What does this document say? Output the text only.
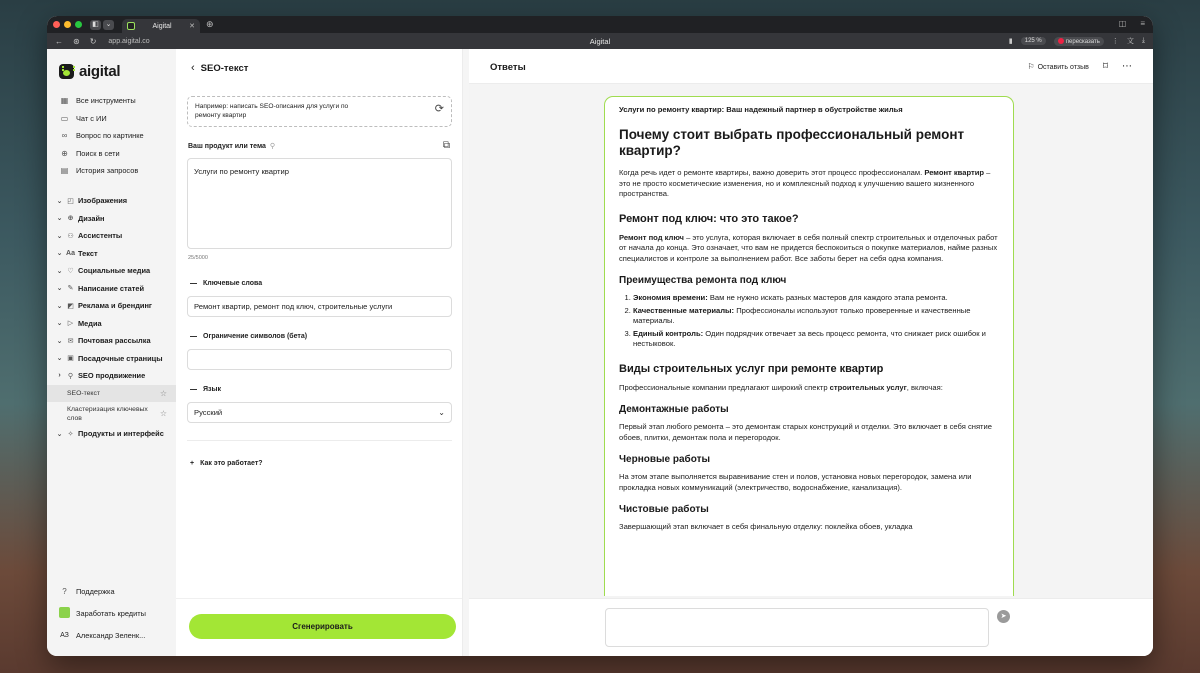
◧ ⌄	Aigital	✕ ⊕	◫ ≡
← ⊛ ↻ app.aigital.co	Aigital	▮	125 %	пересказать	⋮ 文 ⤓
aigital
▦ Все инструменты
▭ Чат с ИИ
∞	Вопрос по картинке
⊕ Поиск в сети
▤ История запросов
⌄ ◰ Изображения
⌄ ⊕ Дизайн
⌄ ⚇ Ассистенты
⌄ Aa Текст
⌄ ♡ Социальные медиа
⌄ ✎ Написание статей
⌄ ◩ Реклама и брендинг
⌄ ▷ Медиа
⌄ ✉ Почтовая рассылка
⌄ ▣ Посадочные страницы
›	⚲ SEO продвижение
SEO-текст	☆
Кластеризация ключевых слов	☆
⌄ ✧ Продукты и интерфейс
?	Поддержка
Заработать кредиты
АЗ Александр Зеленк...
‹ SEO-текст
Например: написать SEO-описания для услуги по ремонту квартир
⟳
Ваш продукт или тема ⚲	⧉
Услуги по ремонту квартир
25/5000
Ключевые слова
Ремонт квартир, ремонт под ключ, строительные услуги
Ограничение символов (бета)
Язык
Русский	⌄
+ Как это работает?
Сгенерировать
Ответы	⚐ Оставить отзыв ⌑ ⋯
Услуги по ремонту квартир: Ваш надежный партнер в обустройстве жилья
Почему стоит выбрать профессиональный ремонт квартир?

Когда речь идет о ремонте квартиры, важно доверить этот процесс профессионалам. Ремонт квартир – это не просто косметические изменения, но и комплексный подход к улучшению вашего жизненного пространства.

Ремонт под ключ: что это такое?

Ремонт под ключ – это услуга, которая включает в себя полный спектр строительных и отделочных работ от начала до конца. Это означает, что вам не придется беспокоиться о покупке материалов, найме разных специалистов и контроле за выполнением работ. Все заботы берет на себя одна компания.

Преимущества ремонта под ключ
1. Экономия времени: Вам не нужно искать разных мастеров для каждого этапа ремонта.
2. Качественные материалы: Профессионалы используют только проверенные и качественные материалы.
3. Единый контроль: Один подрядчик отвечает за весь процесс ремонта, что снижает риск ошибок и нестыковок.
Виды строительных услуг при ремонте квартир

Профессиональные компании предлагают широкий спектр строительных услуг, включая:

Демонтажные работы

Первый этап любого ремонта – это демонтаж старых конструкций и отделки. Это включает в себя снятие обоев, плитки, демонтаж пола и перегородок.

Черновые работы

На этом этапе выполняется выравнивание стен и полов, установка новых перегородок, замена или прокладка новых коммуникаций (электричество, водоснабжение, канализация).

Чистовые работы

Завершающий этап включает в себя финальную отделку: поклейка обоев, укладка

➤
